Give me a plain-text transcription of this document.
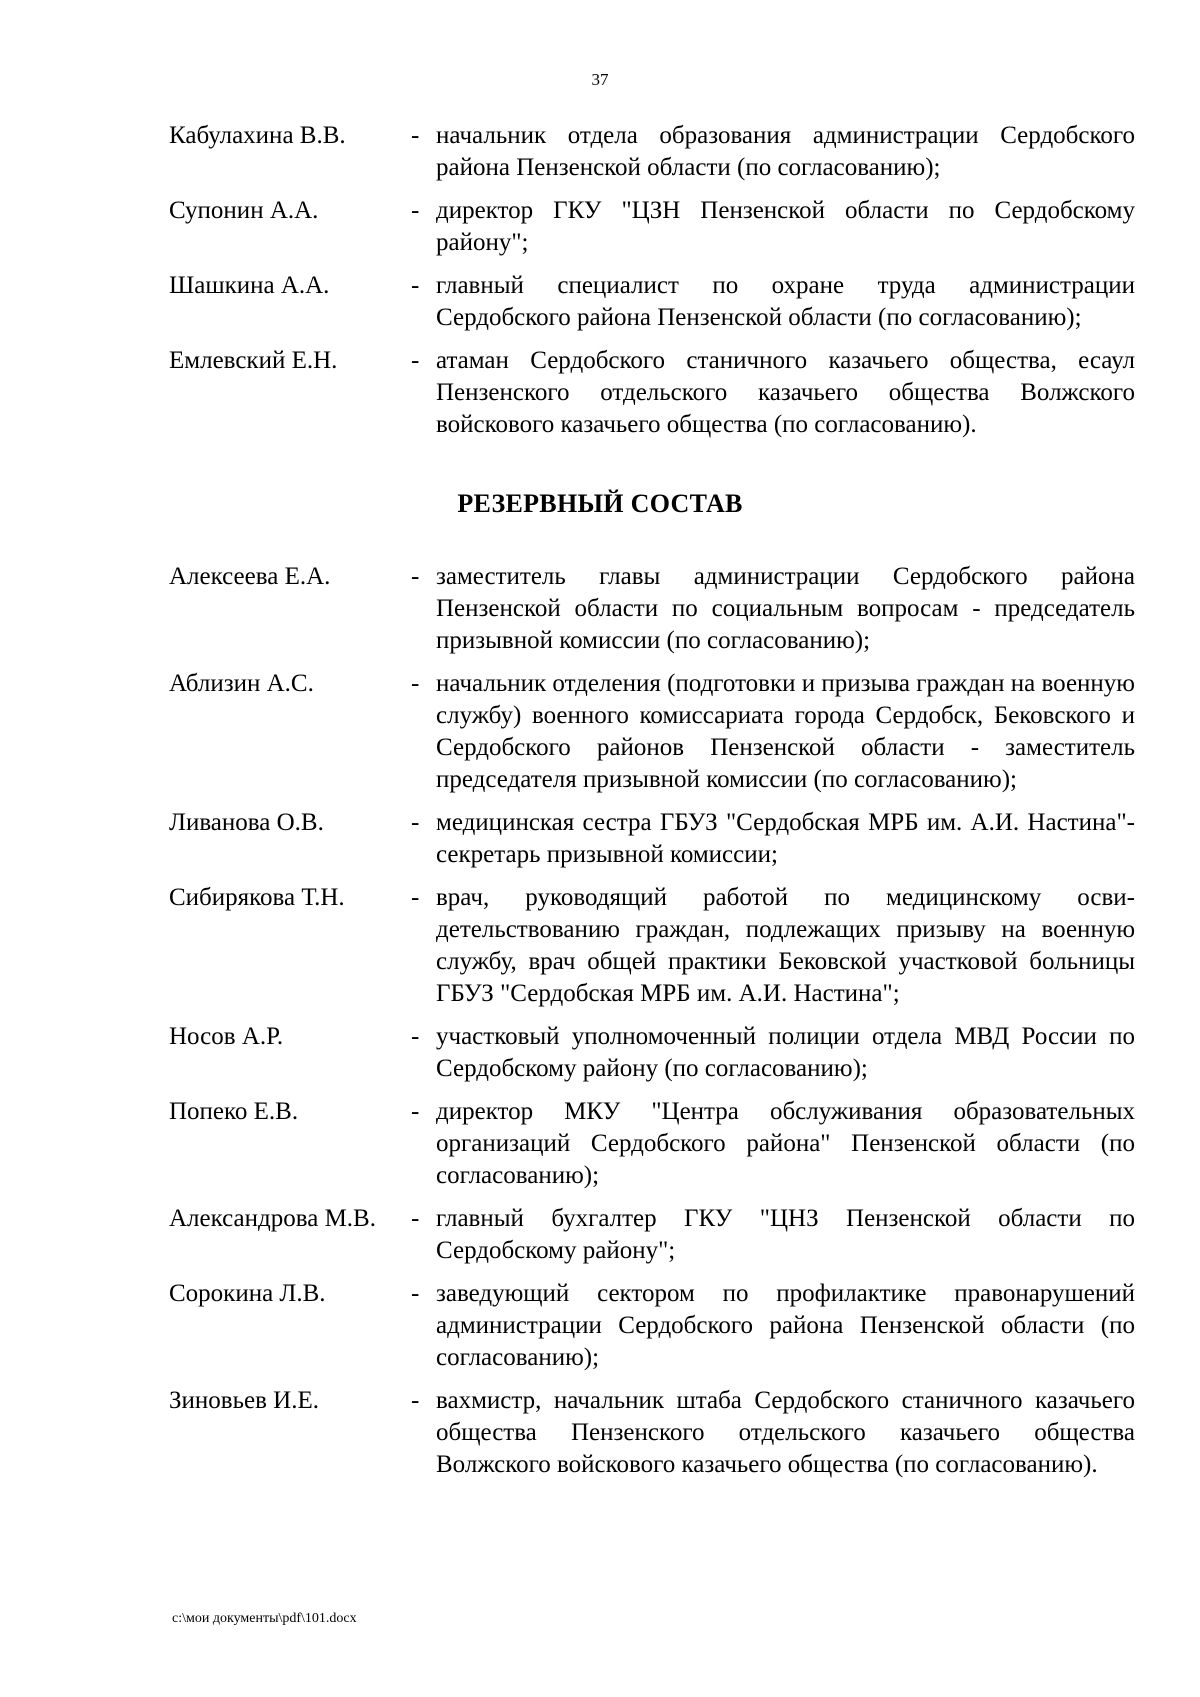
37
Кабулахина В.В.	- начальник отдела образования администрации Сердобского района Пензенской области (по согласованию);
Супонин А.А.	- директор ГКУ "ЦЗН Пензенской области по Сердобскому району";
Шашкина А.А.	- главный специалист по охране труда администрации Сердобского района Пензенской области (по согласованию);
Емлевский Е.Н.	- атаман Сердобского станичного казачьего общества, есаул Пензенского отдельского казачьего общества Волжского войскового казачьего общества (по согласованию).
РЕЗЕРВНЫЙ СОСТАВ
Алексеева Е.А.	- заместитель главы администрации Сердобского района Пензенской области по социальным вопросам - председатель призывной комиссии (по согласованию);
Аблизин А.С.	- начальник отделения (подготовки и призыва граждан на военную службу) военного комиссариата города Сердобск, Бековского и Сердобского районов Пензенской области - заместитель председателя призывной комиссии (по согласованию);
Ливанова О.В.	- медицинская сестра ГБУЗ "Сердобская МРБ им. А.И. Настина"- секретарь призывной комиссии;
Сибирякова Т.Н.	- врач, руководящий работой по медицинскому осви-детельствованию граждан, подлежащих призыву на военную службу, врач общей практики Бековской участковой больницы ГБУЗ "Сердобская МРБ им. А.И. Настина";
Носов А.Р.	- участковый уполномоченный полиции отдела МВД России по Сердобскому району (по согласованию);
Попеко Е.В.	- директор МКУ "Центра обслуживания образовательных организаций Сердобского района" Пензенской области (по согласованию);
Александрова М.В.	- главный бухгалтер ГКУ "ЦНЗ Пензенской области по Сердобскому району";
Сорокина Л.В.	- заведующий сектором по профилактике правонарушений администрации Сердобского района Пензенской области (по согласованию);
Зиновьев И.Е.	- вахмистр, начальник штаба Сердобского станичного казачьего общества Пензенского отдельского казачьего общества Волжского войскового казачьего общества (по согласованию).
c:\мои документы\pdf\101.docx
